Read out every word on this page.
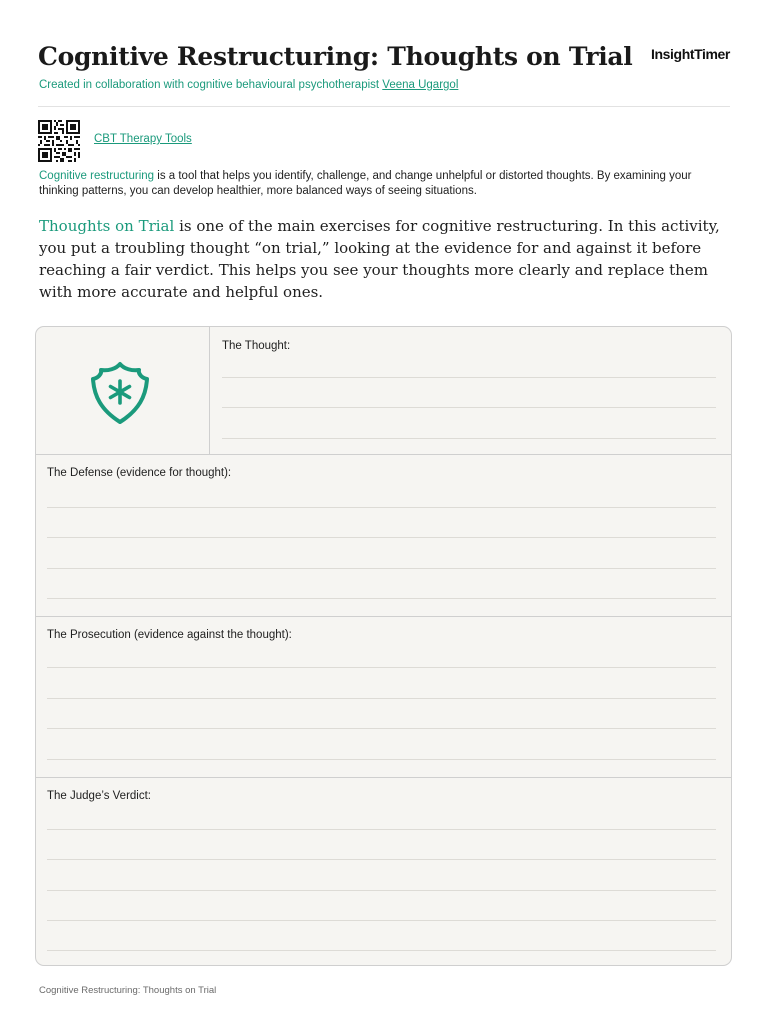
Cognitive Restructuring: Thoughts on Trial InsightTimer

Created in collaboration with cognitive behavioural psychotherapist Veena Ugargol

CBT Therapy Tools

Cognitive restructuring is a tool that helps you identify, challenge, and change unhelpful or distorted thoughts. By examining your thinking patterns, you can develop healthier, more balanced ways of seeing situations.

Thoughts on Trial is one of the main exercises for cognitive restructuring. In this activity, you put a troubling thought “on trial,” looking at the evidence for and against it before reaching a fair verdict. This helps you see your thoughts more clearly and replace them with more accurate and helpful ones.

The Thought:

The Defense (evidence for thought):

The Prosecution (evidence against the thought):

The Judge’s Verdict:

Cognitive Restructuring: Thoughts on Trial
